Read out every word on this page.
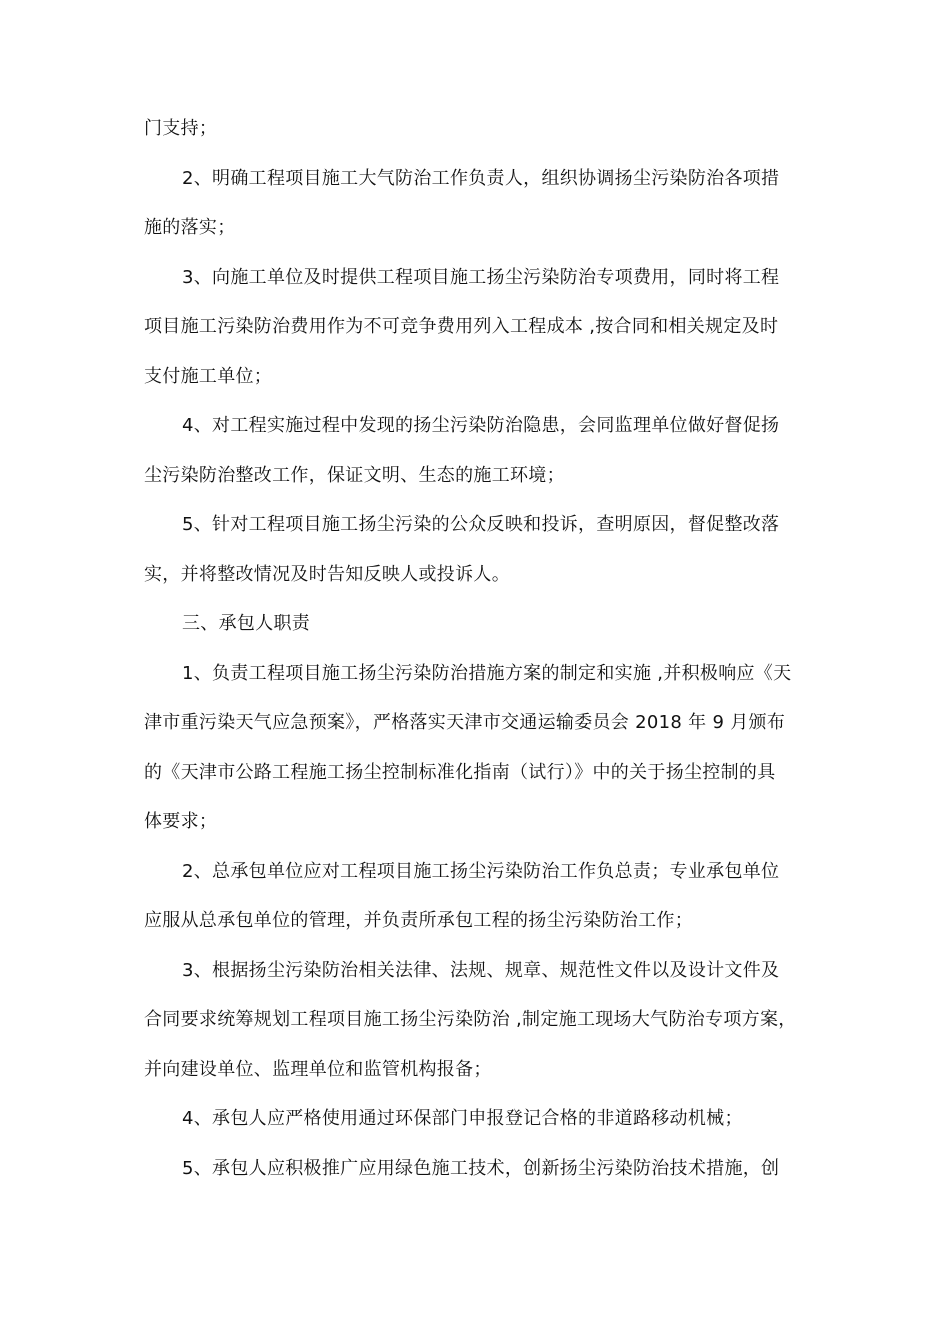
门支持；
2、明确工程项目施工大气防治工作负责人，组织协调扬尘污染防治各项措
施的落实；
3、向施工单位及时提供工程项目施工扬尘污染防治专项费用，同时将工程
项目施工污染防治费用作为不可竞争费用列入工程成本 ,按合同和相关规定及时
支付施工单位；
4、对工程实施过程中发现的扬尘污染防治隐患，会同监理单位做好督促扬
尘污染防治整改工作，保证文明、生态的施工环境；
5、针对工程项目施工扬尘污染的公众反映和投诉，查明原因，督促整改落
实，并将整改情况及时告知反映人或投诉人。
三、承包人职责
1、负责工程项目施工扬尘污染防治措施方案的制定和实施 ,并积极响应《天
津市重污染天气应急预案》，严格落实天津市交通运输委员会 2018 年 9 月颁布
的《天津市公路工程施工扬尘控制标准化指南（试行）》中的关于扬尘控制的具
体要求；
2、总承包单位应对工程项目施工扬尘污染防治工作负总责；专业承包单位
应服从总承包单位的管理，并负责所承包工程的扬尘污染防治工作；
3、根据扬尘污染防治相关法律、法规、规章、规范性文件以及设计文件及
合同要求统筹规划工程项目施工扬尘污染防治 ,制定施工现场大气防治专项方案，
并向建设单位、监理单位和监管机构报备；
4、承包人应严格使用通过环保部门申报登记合格的非道路移动机械；
5、承包人应积极推广应用绿色施工技术，创新扬尘污染防治技术措施，创
